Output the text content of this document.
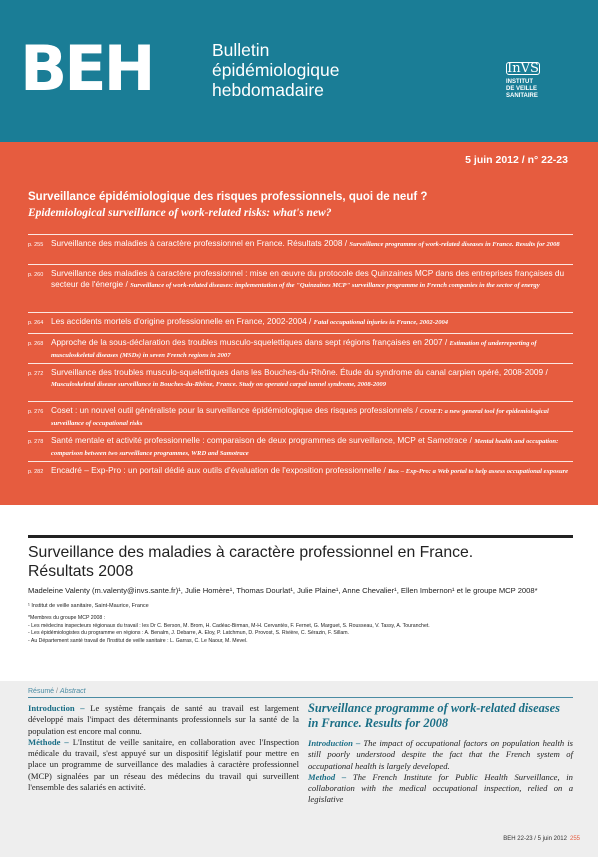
BEH	Bulletin
épidémiologique
hebdomadaire
InVS
INSTITUT
DE VEILLE SANITAIRE
5 juin 2012 / n° 22-23
Surveillance épidémiologique des risques professionnels, quoi de neuf ?
Epidemiological surveillance of work-related risks: what's new?
p. 255 Surveillance des maladies à caractère professionnel en France. Résultats 2008 / Surveillance programme of work-related diseases in France. Results for 2008
p. 260 Surveillance des maladies à caractère professionnel : mise en œuvre du protocole des Quinzaines MCP dans des entreprises françaises du secteur de l'énergie / Surveillance of work-related diseases: implementation of the "Quinzaines MCP" surveillance programme in French companies in the sector of energy
p. 264 Les accidents mortels d'origine professionnelle en France, 2002-2004 / Fatal occupational injuries in France, 2002-2004
p. 268 Approche de la sous-déclaration des troubles musculo-squelettiques dans sept régions françaises en 2007 / Estimation of underreporting of musculoskeletal diseases (MSDs) in seven French regions in 2007
p. 272 Surveillance des troubles musculo-squelettiques dans les Bouches-du-Rhône. Étude du syndrome du canal carpien opéré, 2008-2009 / Musculoskeletal disease surveillance in Bouches-du-Rhône, France. Study on operated carpal tunnel syndrome, 2008-2009
p. 276 Coset : un nouvel outil généraliste pour la surveillance épidémiologique des risques professionnels / COSET: a new general tool for epidemiological surveillance of occupational risks
p. 278 Santé mentale et activité professionnelle : comparaison de deux programmes de surveillance, MCP et Samotrace / Mental health and occupation: comparison between two surveillance programmes, WRD and Samotrace
p. 282 Encadré – Exp-Pro : un portail dédié aux outils d'évaluation de l'exposition professionnelle / Box – Exp-Pro: a Web portal to help assess occupational exposure
Surveillance des maladies à caractère professionnel en France.
Résultats 2008
Madeleine Valenty (m.valenty@invs.sante.fr)¹, Julie Homère¹, Thomas Dourlat¹, Julie Plaine¹, Anne Chevalier¹, Ellen Imbernon¹ et le groupe MCP 2008*
¹ Institut de veille sanitaire, Saint-Maurice, France
*Membres du groupe MCP 2008 :
- Les médecins inspecteurs régionaux du travail : les Dr C. Berson, M. Brom, H. Cadéac-Birman, M-H. Cervantès, F. Fernet, G. Marguet, S. Rousseau, V. Tassy, A. Touranchet.
- Les épidémiologistes du programme en régions : A. Benalm, J. Debarre, A. Eloy, P. Latchmun, D. Provost, S. Rivière, C. Sérazin, F. Sillam.
- Au Département santé travail de l'Institut de veille sanitaire : L. Garras, C. Le Naour, M. Mevel.
Résumé / Abstract

Introduction – Le système français de santé au travail est largement développé mais l'impact des déterminants professionnels sur la santé de la population est encore mal connu.

Méthode – L'Institut de veille sanitaire, en collaboration avec l'Inspection médicale du travail, s'est appuyé sur un dispositif législatif pour mettre en place un programme de surveillance des maladies à caractère professionnel (MCP) signalées par un réseau des médecins du travail qui surveillent l'ensemble des salariés en activité.

Surveillance programme of work-related diseases in France. Results for 2008

Introduction – The impact of occupational factors on population health is still poorly understood despite the fact that the French system of occupational health is largely developed.

Method – The French Institute for Public Health Surveillance, in collaboration with the medical occupational inspection, relied on a legislative

BEH 22-23 / 5 juin 2012 255
